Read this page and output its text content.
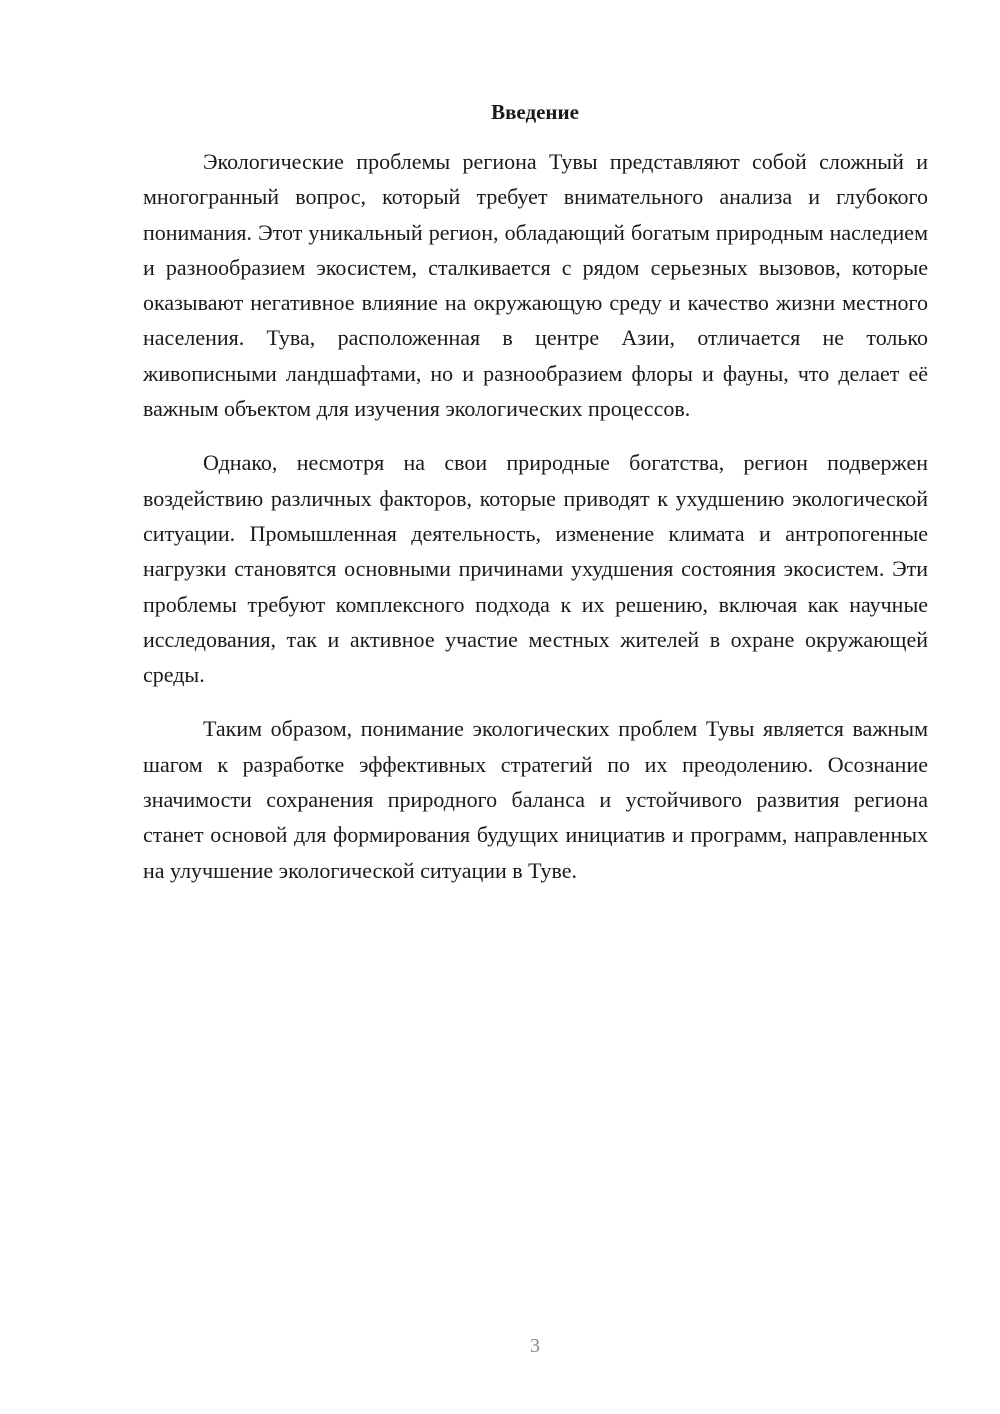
Введение

Экологические проблемы региона Тувы представляют собой сложный и многогранный вопрос, который требует внимательного анализа и глубокого понимания. Этот уникальный регион, обладающий богатым природным наследием и разнообразием экосистем, сталкивается с рядом серьезных вызовов, которые оказывают негативное влияние на окружающую среду и качество жизни местного населения. Тува, расположенная в центре Азии, отличается не только живописными ландшафтами, но и разнообразием флоры и фауны, что делает её важным объектом для изучения экологических процессов.

Однако, несмотря на свои природные богатства, регион подвержен воздействию различных факторов, которые приводят к ухудшению экологической ситуации. Промышленная деятельность, изменение климата и антропогенные нагрузки становятся основными причинами ухудшения состояния экосистем. Эти проблемы требуют комплексного подхода к их решению, включая как научные исследования, так и активное участие местных жителей в охране окружающей среды.

Таким образом, понимание экологических проблем Тувы является важным шагом к разработке эффективных стратегий по их преодолению. Осознание значимости сохранения природного баланса и устойчивого развития региона станет основой для формирования будущих инициатив и программ, направленных на улучшение экологической ситуации в Туве.

3
